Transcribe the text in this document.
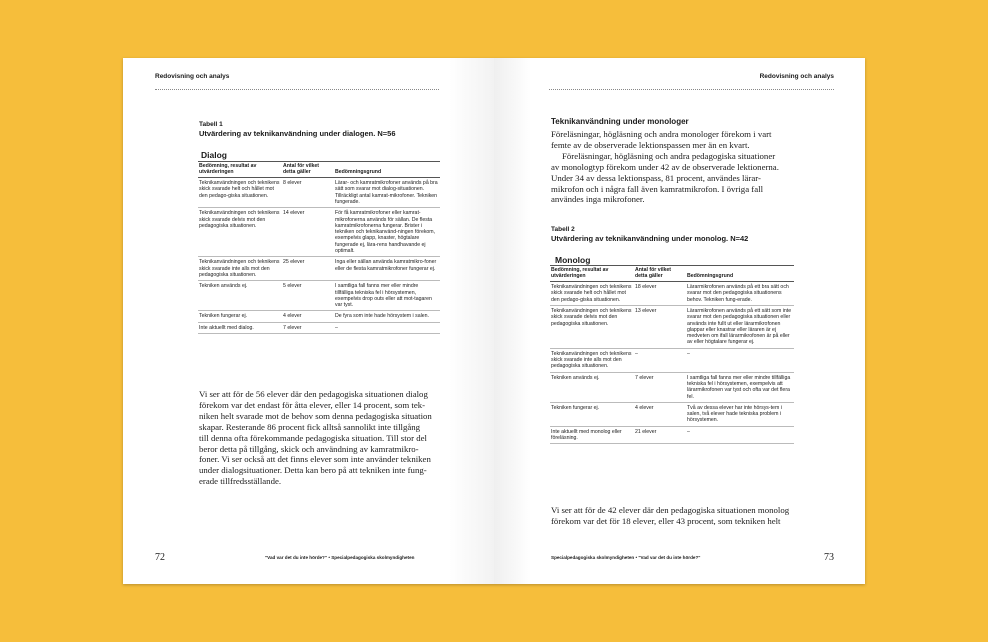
Redovisning och analys
Tabell 1
Utvärdering av teknikanvändning under dialogen. N=56
Dialog
Bedömning, resultat av utvärderingen	Antal för vilket detta gäller	Bedömningsgrund
Teknikanvändningen och teknikens skick svarade helt och hållet mot den pedago-giska situationen.	8 elever	Lärar- och kamratmikrofoner används på bra sätt som svarar mot dialog-situationen. Tillräckligt antal kamrat-mikrofoner. Tekniken fungerade.
Teknikanvändningen och teknikens skick svarade delvis mot den pedagogiska situationen.	14 elever	För få kamratmikrofoner eller kamrat-mikrofonerna används för sällan. De flesta kamratmikrofonerna fungerar. Brister i tekniken och teknikanvänd-ningen förekom, exempelvis glapp, knaster, högtalare fungerade ej, lära-rens handhavande ej optimalt.
Teknikanvändningen och teknikens skick svarade inte alls mot den pedagogiska situationen.	25 elever	Inga eller sällan använda kamratmikro-foner eller de flesta kamratmikrofoner fungerar ej.
Tekniken används ej.	5 elever	I samtliga fall fanns mer eller mindre tillfälliga tekniska fel i hörsystemen, exempelvis drop outs eller att mot-tagaren var tyst.
Tekniken fungerar ej.	4 elever	De fyra som inte hade hörsystem i salen.
Inte aktuellt med dialog.	7 elever	–

Vi ser att för de 56 elever där den pedagogiska situationen dialog

förekom var det endast för åtta elever, eller 14 procent, som tek-

niken helt svarade mot de behov som denna pedagogiska situation

skapar. Resterande 86 procent fick alltså sannolikt inte tillgång

till denna ofta förekommande pedagogiska situation. Till stor del

beror detta på tillgång, skick och användning av kamratmikro-

foner. Vi ser också att det finns elever som inte använder tekniken

under dialogsituationer. Detta kan bero på att tekniken inte fung-

erade tillfredsställande.

72	"Vad var det du inte hörde?" • Specialpedagogiska skolmyndigheten
Redovisning och analys
Teknikanvändning under monologer

Föreläsningar, högläsning och andra monologer förekom i vart

femte av de observerade lektionspassen mer än en kvart.

Föreläsningar, högläsning och andra pedagogiska situationer

av monologtyp förekom under 42 av de observerade lektionerna.

Under 34 av dessa lektionspass, 81 procent, användes lärar-

mikrofon och i några fall även kamratmikrofon. I övriga fall

användes inga mikrofoner.

Tabell 2
Utvärdering av teknikanvändning under monolog. N=42
Monolog
Bedömning, resultat av utvärderingen	Antal för vilket detta gäller	Bedömningsgrund
Teknikanvändningen och teknikens skick svarade helt och hållet mot den pedago-giska situationen.	18 elever	Lärarmikrofonen används på ett bra sätt och svarar mot den pedagogiska situationens behov. Tekniken fung-erade.
Teknikanvändningen och teknikens skick svarade delvis mot den pedagogiska situationen.	13 elever	Lärarmikrofonen används på ett sätt som inte svarar mot den pedagogiska situationen eller används inte fullt ut eller lärarmikrofonen glappar eller knastrar eller läraren är ej medveten om ifall lärarmikrofonen är på eller av eller högtalare fungerar ej.
Teknikanvändningen och teknikens skick svarade inte alls mot den pedagogiska situationen.	–	–
Tekniken används ej.	7 elever	I samtliga fall fanns mer eller mindre tillfälliga tekniska fel i hörsystemen, exempelvis att lärarmikrofonen var tyst och ofta var det flera fel.
Tekniken fungerar ej.	4 elever	Två av dessa elever har inte hörsys-tem i salen, två elever hade tekniska problem i hörsystemen.
Inte aktuellt med monolog eller föreläsning.	21 elever	–

Vi ser att för de 42 elever där den pedagogiska situationen monolog

förekom var det för 18 elever, eller 43 procent, som tekniken helt

Specialpedagogiska skolmyndigheten • "Vad var det du inte hörde?"	73
